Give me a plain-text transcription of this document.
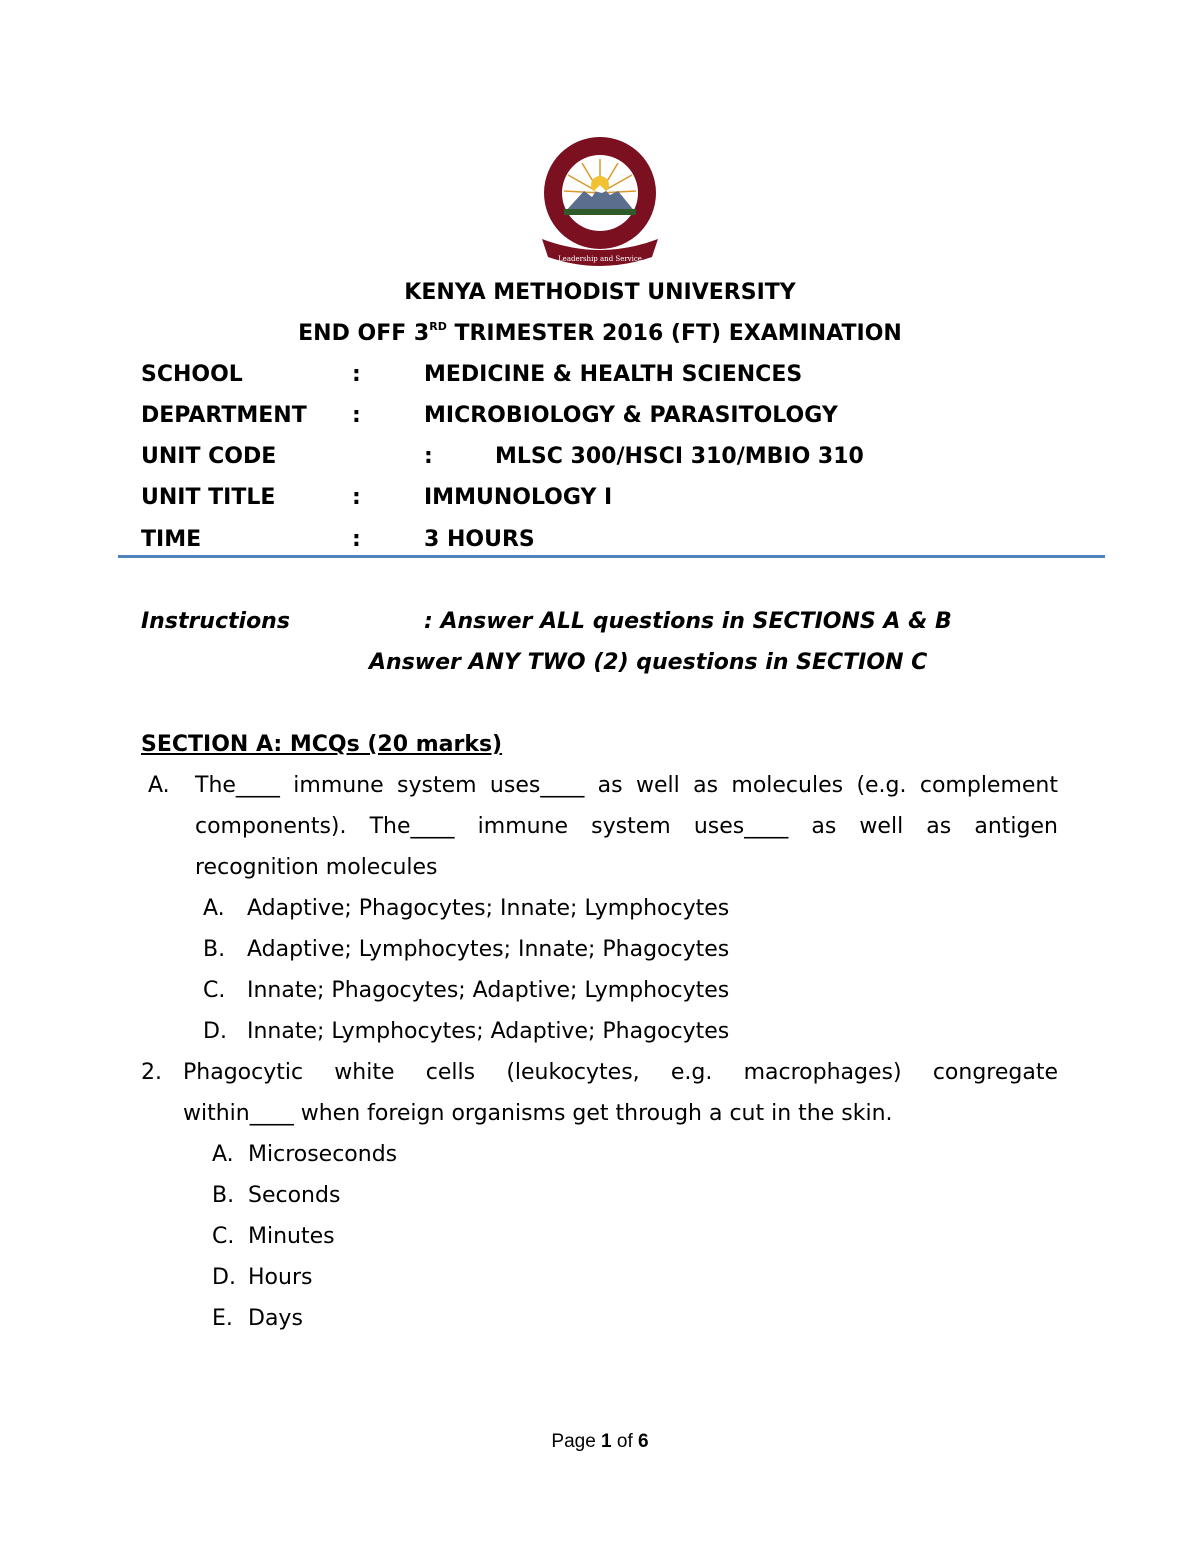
Leadership and Service
KENYA METHODIST UNIVERSITY
END OFF 3RD TRIMESTER 2016 (FT) EXAMINATION
SCHOOL	:	MEDICINE & HEALTH SCIENCES
DEPARTMENT :	MICROBIOLOGY & PARASITOLOGY
UNIT CODE	:	MLSC 300/HSCI 310/MBIO 310
UNIT TITLE	:	IMMUNOLOGY I
TIME	:	3 HOURS
Instructions	: Answer ALL questions in SECTIONS A & B
Answer ANY TWO (2) questions in SECTION C
SECTION A: MCQs (20 marks)
A. The____ immune system uses____ as well as molecules (e.g. complement
components). The____ immune system uses____ as well as antigen
recognition molecules
A. Adaptive; Phagocytes; Innate; Lymphocytes
B. Adaptive; Lymphocytes; Innate; Phagocytes
C. Innate; Phagocytes; Adaptive; Lymphocytes
D. Innate; Lymphocytes; Adaptive; Phagocytes
2. Phagocytic white cells (leukocytes, e.g. macrophages) congregate
within____ when foreign organisms get through a cut in the skin.
A. Microseconds
B. Seconds
C. Minutes
D. Hours
E. Days
Page 1 of 6
